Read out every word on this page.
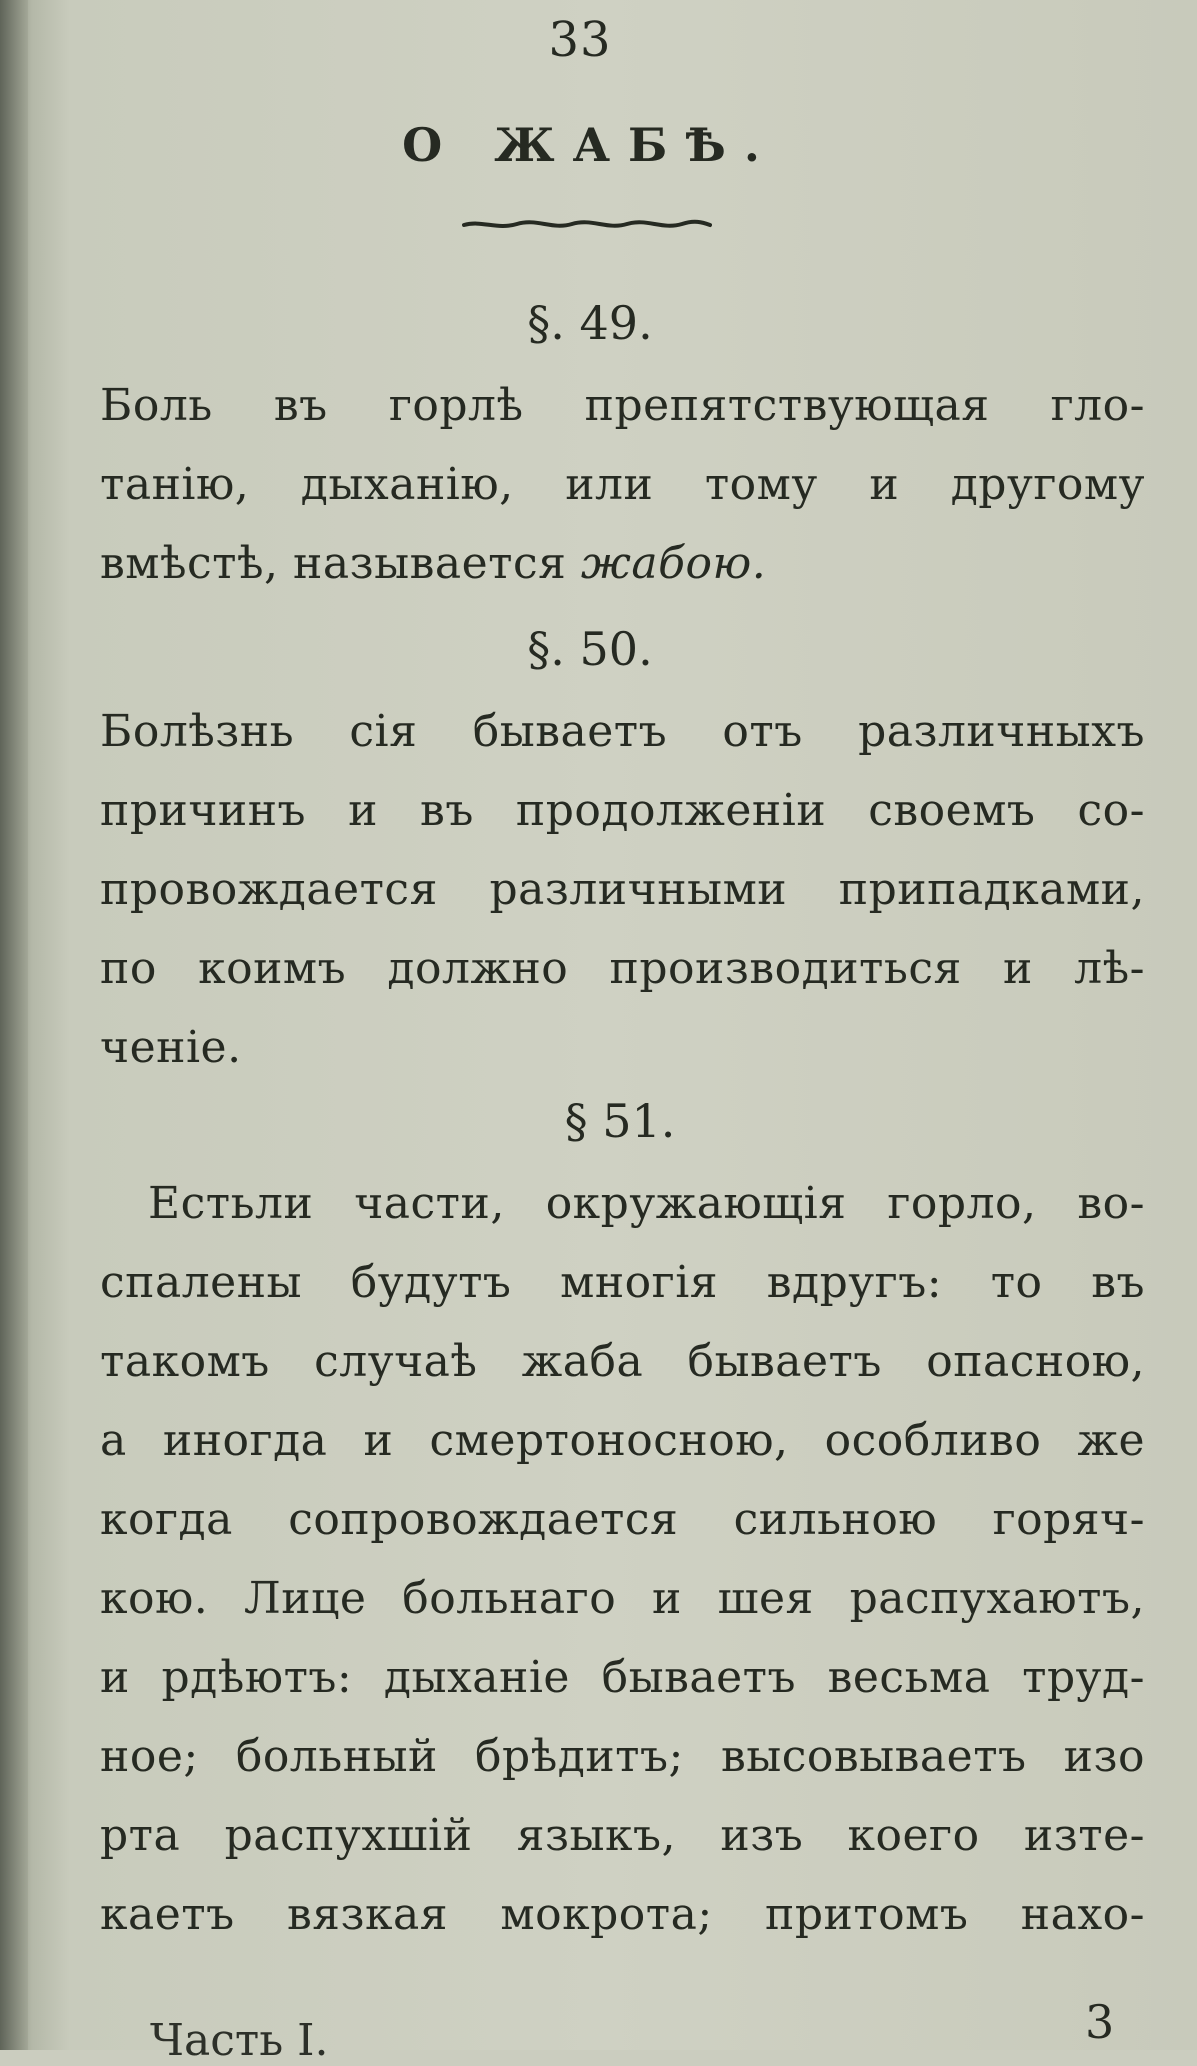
33
О ЖАБѢ.
§. 49.
Боль въ горлѣ препятствующая гло-
танію, дыханію, или тому и другому
вмѣстѣ, называется жабою.
§. 50.
Болѣзнь сія бываетъ отъ различныхъ
причинъ и въ продолженіи своемъ со-
провождается различными припадками,
по коимъ должно производиться и лѣ-
ченіе.
§ 51.
Естьли части, окружающія горло, во-
спалены будутъ многія вдругъ: то въ
такомъ случаѣ жаба бываетъ опасною,
а иногда и смертоносною, особливо же
когда сопровождается сильною горяч-
кою. Лице больнаго и шея распухаютъ,
и рдѣютъ: дыханіе бываетъ весьма труд-
ное; больный брѣдитъ; высовываетъ изо
рта распухшій языкъ, изъ коего изте-
каетъ вязкая мокрота; притомъ нахо-
Часть I.	3
